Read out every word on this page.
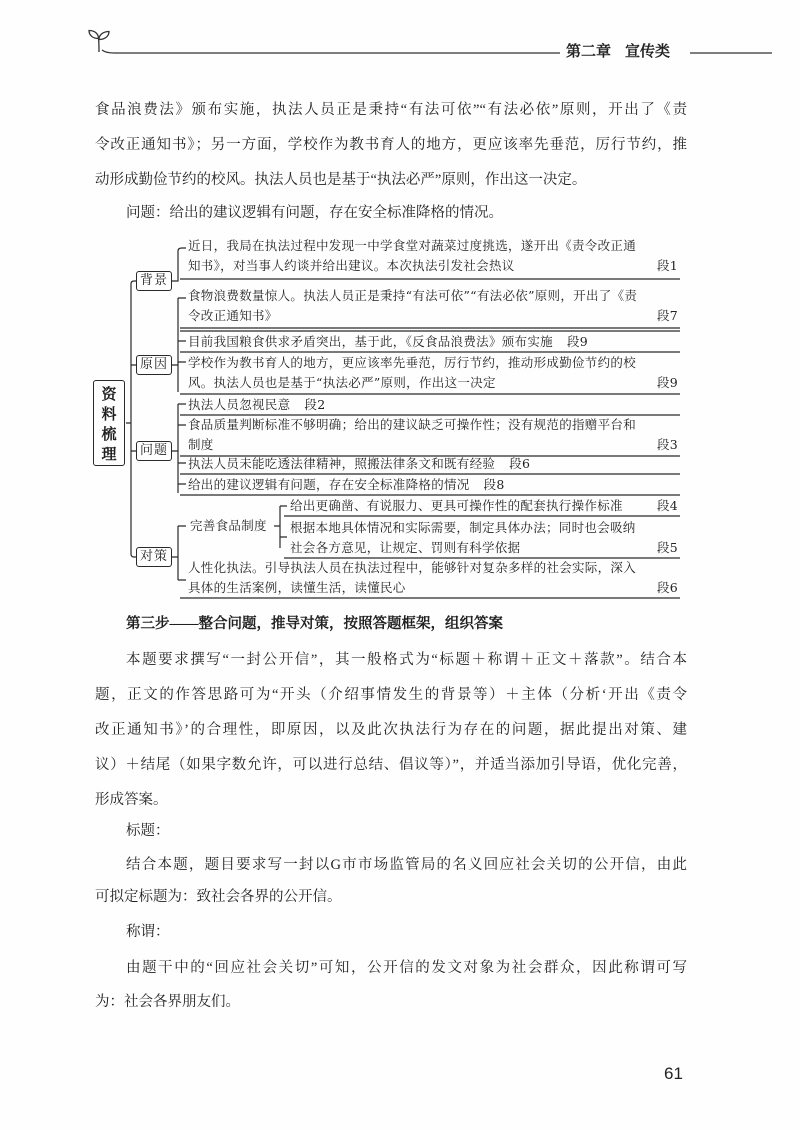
第二章 宣传类
食品浪费法》颁布实施，执法人员正是秉持“有法可依”“有法必依”原则，开出了《责
令改正通知书》；另一方面，学校作为教书育人的地方，更应该率先垂范，厉行节约，推
动形成勤俭节约的校风。执法人员也是基于“执法必严”原则，作出这一决定。
问题：给出的建议逻辑有问题，存在安全标准降格的情况。
资料梳理
背景
原因
问题
对策
近日，我局在执法过程中发现一中学食堂对蔬菜过度挑选，遂开出《责令改正通知书》，对当事人约谈并给出建议。本次执法引发社会热议	段1
食物浪费数量惊人。执法人员正是秉持“有法可依”“有法必依”原则，开出了《责令改正通知书》	段7
目前我国粮食供求矛盾突出，基于此，《反食品浪费法》颁布实施 段9
学校作为教书育人的地方，更应该率先垂范，厉行节约，推动形成勤俭节约的校风。执法人员也是基于“执法必严”原则，作出这一决定	段9
执法人员忽视民意 段2
食品质量判断标准不够明确；给出的建议缺乏可操作性；没有规范的指赠平台和制度	段3
执法人员未能吃透法律精神，照搬法律条文和既有经验 段6
给出的建议逻辑有问题，存在安全标准降格的情况 段8
完善食品制度
给出更确凿、有说服力、更具可操作性的配套执行操作标准	段4
根据本地具体情况和实际需要，制定具体办法；同时也会吸纳社会各方意见，让规定、罚则有科学依据	段5
人性化执法。引导执法人员在执法过程中，能够针对复杂多样的社会实际，深入具体的生活案例，读懂生活，读懂民心	段6
第三步——整合问题，推导对策，按照答题框架，组织答案
本题要求撰写“一封公开信”，其一般格式为“标题＋称谓＋正文＋落款”。结合本
题，正文的作答思路可为“开头（介绍事情发生的背景等）＋主体（分析‘开出《责令
改正通知书》’的合理性，即原因，以及此次执法行为存在的问题，据此提出对策、建
议）＋结尾（如果字数允许，可以进行总结、倡议等）”，并适当添加引导语，优化完善，
形成答案。
标题：
结合本题，题目要求写一封以G市市场监管局的名义回应社会关切的公开信，由此
可拟定标题为：致社会各界的公开信。
称谓：
由题干中的“回应社会关切”可知，公开信的发文对象为社会群众，因此称谓可写
为：社会各界朋友们。
61
